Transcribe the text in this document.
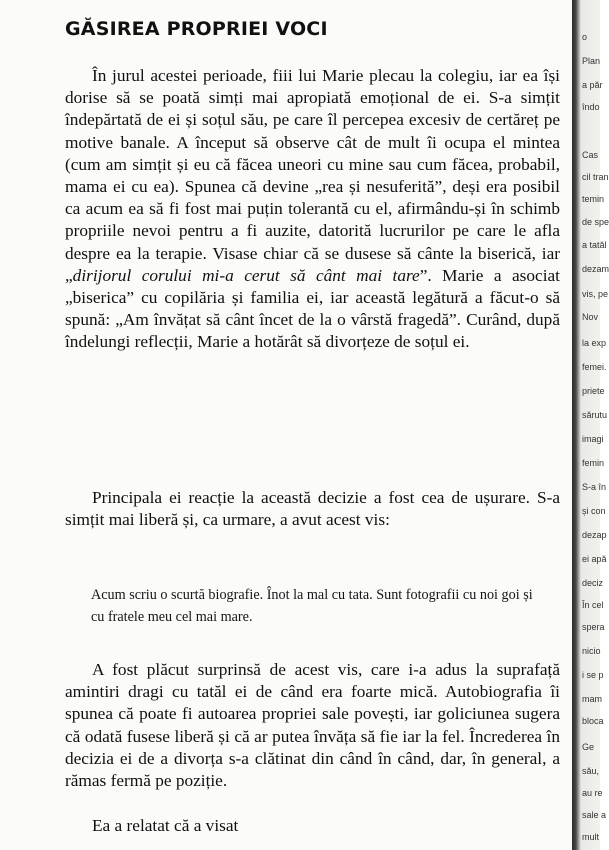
GĂSIREA PROPRIEI VOCI

În jurul acestei perioade, fiii lui Marie plecau la colegiu, iar ea își dorise să se poată simți mai apropiată emoțional de ei. S-a simțit îndepărtată de ei și soțul său, pe care îl percepea excesiv de certăreț pe motive banale. A început să observe cât de mult îi ocupa el mintea (cum am simțit și eu că făcea uneori cu mine sau cum făcea, probabil, mama ei cu ea). Spunea că devine „rea și nesuferită”, deși era posibil ca acum ea să fi fost mai puțin tolerantă cu el, afirmându-și în schimb propriile nevoi pentru a fi auzite, datorită lucrurilor pe care le afla despre ea la terapie. Visase chiar că se dusese să cânte la biserică, iar „dirijorul corului mi-a cerut să cânt mai tare”. Marie a asociat „biserica” cu copilăria și familia ei, iar această legătură a făcut-o să spună: „Am învățat să cânt încet de la o vârstă fragedă”. Curând, după îndelungi reflecții, Marie a hotărât să divorțeze de soțul ei.

Principala ei reacție la această decizie a fost cea de ușurare. S-a simțit mai liberă și, ca urmare, a avut acest vis:

Acum scriu o scurtă biografie. Înot la mal cu tata. Sunt fotografii cu noi goi și cu fratele meu cel mai mare.

A fost plăcut surprinsă de acest vis, care i-a adus la suprafață amintiri dragi cu tatăl ei de când era foarte mică. Autobiografia îi spunea că poate fi autoarea propriei sale povești, iar goliciunea sugera că odată fusese liberă și că ar putea învăța să fie iar la fel. Încrederea în decizia ei de a divorța s-a clătinat din când în când, dar, în general, a rămas fermă pe poziție.

Ea a relatat că a visat

o
Plan
a păr
îndo
Cas
cil tran
temin
de spe
a tatăl
dezam
vis, pe
Nov
la exp
femei.
priete
sărutu
imagi
femin
S-a în
și con
dezap
ei apă
deciz
În cel
spera
nicio
i se p
mam
bloca
Ge
său,
au re
sale a
mult
